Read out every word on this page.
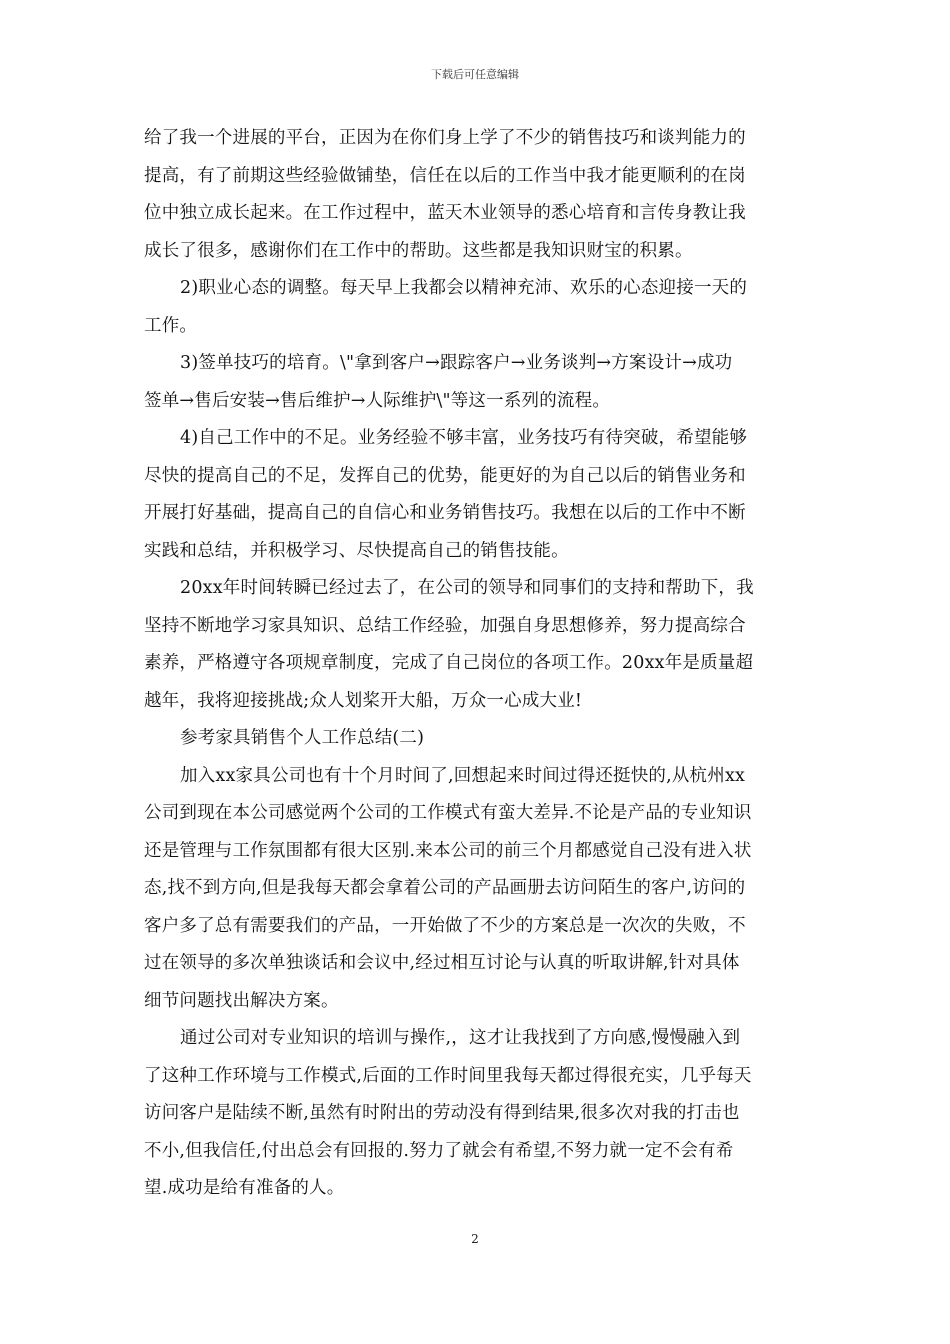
下载后可任意编辑
给了我一个进展的平台，正因为在你们身上学了不少的销售技巧和谈判能力的
提高，有了前期这些经验做铺垫，信任在以后的工作当中我才能更顺利的在岗
位中独立成长起来。在工作过程中，蓝天木业领导的悉心培育和言传身教让我
成长了很多，感谢你们在工作中的帮助。这些都是我知识财宝的积累。
2)职业心态的调整。每天早上我都会以精神充沛、欢乐的心态迎接一天的
工作。
3)签单技巧的培育。\"拿到客户→跟踪客户→业务谈判→方案设计→成功
签单→售后安装→售后维护→人际维护\"等这一系列的流程。
4)自己工作中的不足。业务经验不够丰富，业务技巧有待突破，希望能够
尽快的提高自己的不足，发挥自己的优势，能更好的为自己以后的销售业务和
开展打好基础，提高自己的自信心和业务销售技巧。我想在以后的工作中不断
实践和总结，并积极学习、尽快提高自己的销售技能。
20xx年时间转瞬已经过去了，在公司的领导和同事们的支持和帮助下，我
坚持不断地学习家具知识、总结工作经验，加强自身思想修养，努力提高综合
素养，严格遵守各项规章制度，完成了自己岗位的各项工作。20xx年是质量超
越年，我将迎接挑战;众人划桨开大船，万众一心成大业!
参考家具销售个人工作总结(二)
加入xx家具公司也有十个月时间了,回想起来时间过得还挺快的,从杭州xx
公司到现在本公司感觉两个公司的工作模式有蛮大差异.不论是产品的专业知识
还是管理与工作氛围都有很大区别.来本公司的前三个月都感觉自己没有进入状
态,找不到方向,但是我每天都会拿着公司的产品画册去访问陌生的客户,访问的
客户多了总有需要我们的产品，一开始做了不少的方案总是一次次的失败，不
过在领导的多次单独谈话和会议中,经过相互讨论与认真的听取讲解,针对具体
细节问题找出解决方案。
通过公司对专业知识的培训与操作,，这才让我找到了方向感,慢慢融入到
了这种工作环境与工作模式,后面的工作时间里我每天都过得很充实，几乎每天
访问客户是陆续不断,虽然有时附出的劳动没有得到结果,很多次对我的打击也
不小,但我信任,付出总会有回报的.努力了就会有希望,不努力就一定不会有希
望.成功是给有准备的人。
2
